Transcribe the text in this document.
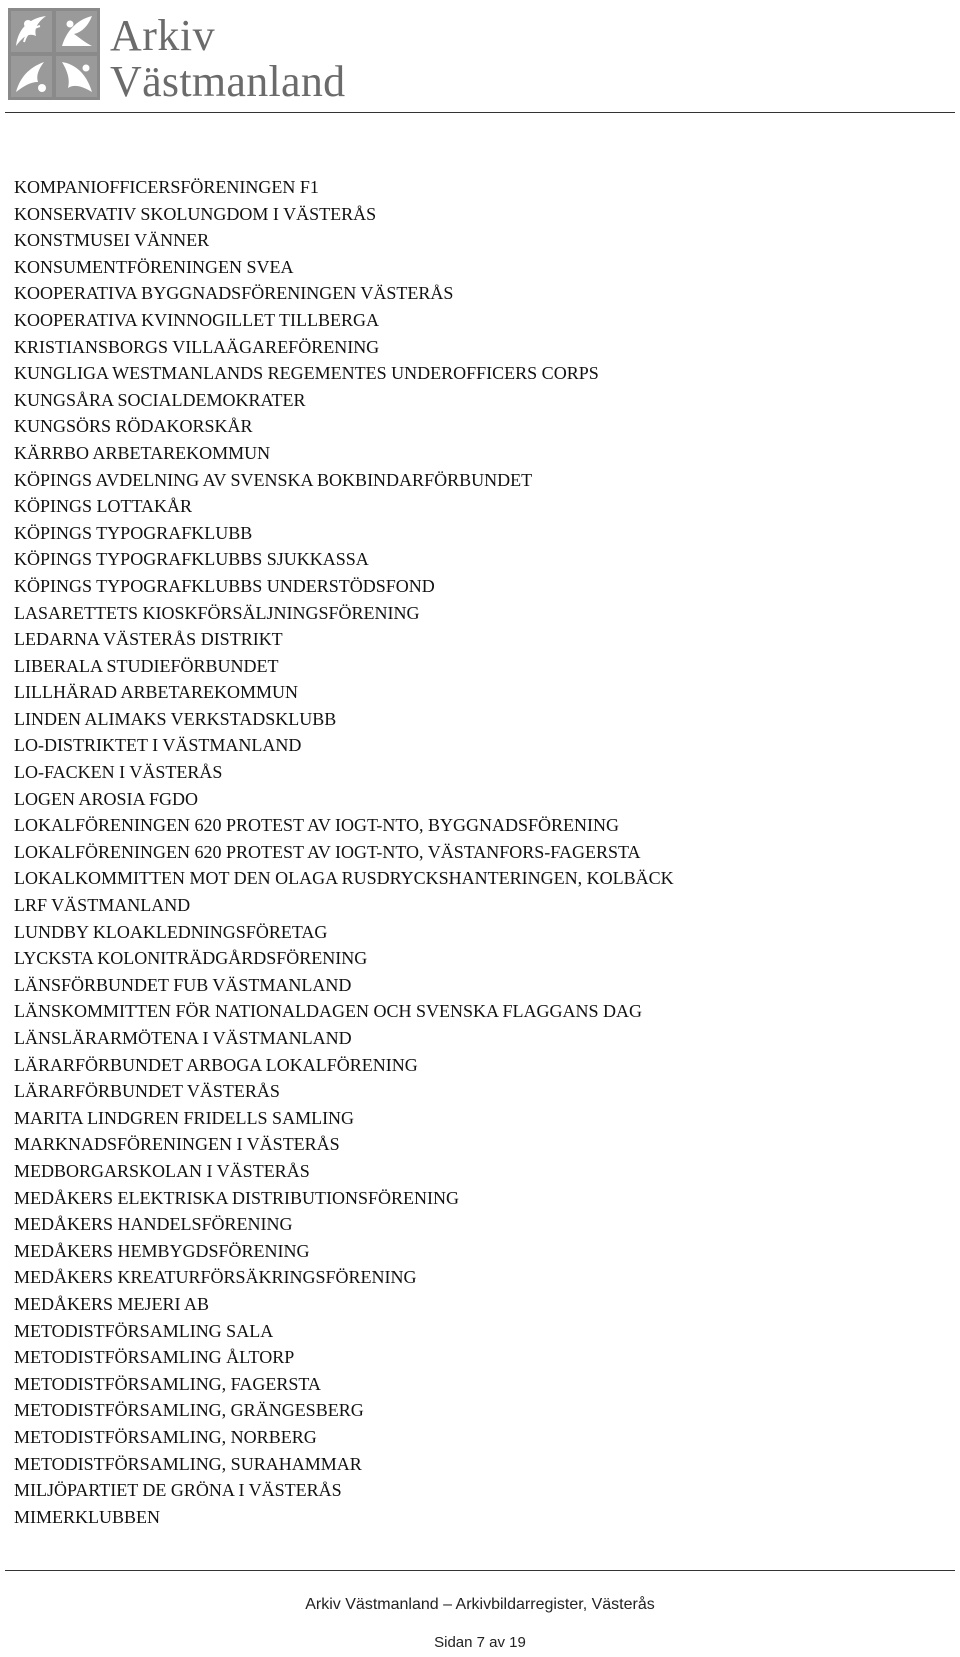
Arkiv
Västmanland
KOMPANIOFFICERSFÖRENINGEN F1
KONSERVATIV SKOLUNGDOM I VÄSTERÅS
KONSTMUSEI VÄNNER
KONSUMENTFÖRENINGEN SVEA
KOOPERATIVA BYGGNADSFÖRENINGEN VÄSTERÅS
KOOPERATIVA KVINNOGILLET TILLBERGA
KRISTIANSBORGS VILLAÄGAREFÖRENING
KUNGLIGA WESTMANLANDS REGEMENTES UNDEROFFICERS CORPS
KUNGSÅRA SOCIALDEMOKRATER
KUNGSÖRS RÖDAKORSKÅR
KÄRRBO ARBETAREKOMMUN
KÖPINGS AVDELNING AV SVENSKA BOKBINDARFÖRBUNDET
KÖPINGS LOTTAKÅR
KÖPINGS TYPOGRAFKLUBB
KÖPINGS TYPOGRAFKLUBBS SJUKKASSA
KÖPINGS TYPOGRAFKLUBBS UNDERSTÖDSFOND
LASARETTETS KIOSKFÖRSÄLJNINGSFÖRENING
LEDARNA VÄSTERÅS DISTRIKT
LIBERALA STUDIEFÖRBUNDET
LILLHÄRAD ARBETAREKOMMUN
LINDEN ALIMAKS VERKSTADSKLUBB
LO-DISTRIKTET I VÄSTMANLAND
LO-FACKEN I VÄSTERÅS
LOGEN AROSIA FGDO
LOKALFÖRENINGEN 620 PROTEST AV IOGT-NTO, BYGGNADSFÖRENING
LOKALFÖRENINGEN 620 PROTEST AV IOGT-NTO, VÄSTANFORS-FAGERSTA
LOKALKOMMITTEN MOT DEN OLAGA RUSDRYCKSHANTERINGEN, KOLBÄCK
LRF VÄSTMANLAND
LUNDBY KLOAKLEDNINGSFÖRETAG
LYCKSTA KOLONITRÄDGÅRDSFÖRENING
LÄNSFÖRBUNDET FUB VÄSTMANLAND
LÄNSKOMMITTEN FÖR NATIONALDAGEN OCH SVENSKA FLAGGANS DAG
LÄNSLÄRARMÖTENA I VÄSTMANLAND
LÄRARFÖRBUNDET ARBOGA LOKALFÖRENING
LÄRARFÖRBUNDET VÄSTERÅS
MARITA LINDGREN FRIDELLS SAMLING
MARKNADSFÖRENINGEN I VÄSTERÅS
MEDBORGARSKOLAN I VÄSTERÅS
MEDÅKERS ELEKTRISKA DISTRIBUTIONSFÖRENING
MEDÅKERS HANDELSFÖRENING
MEDÅKERS HEMBYGDSFÖRENING
MEDÅKERS KREATURFÖRSÄKRINGSFÖRENING
MEDÅKERS MEJERI AB
METODISTFÖRSAMLING SALA
METODISTFÖRSAMLING ÅLTORP
METODISTFÖRSAMLING, FAGERSTA
METODISTFÖRSAMLING, GRÄNGESBERG
METODISTFÖRSAMLING, NORBERG
METODISTFÖRSAMLING, SURAHAMMAR
MILJÖPARTIET DE GRÖNA I VÄSTERÅS
MIMERKLUBBEN
Arkiv Västmanland – Arkivbildarregister, Västerås
Sidan 7 av 19
